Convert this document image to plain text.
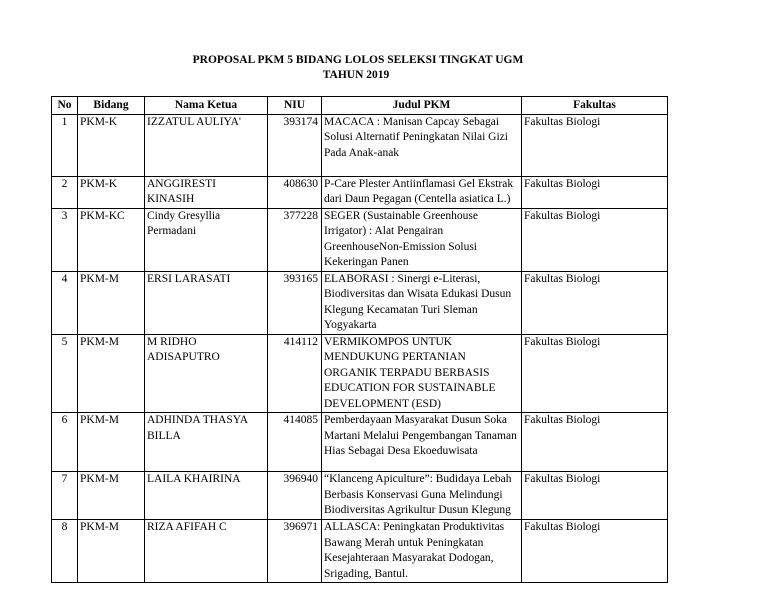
PROPOSAL PKM 5 BIDANG LOLOS SELEKSI TINGKAT UGM
TAHUN 2019
No	Bidang	Nama Ketua	NIU	Judul PKM	Fakultas
1	PKM-K	IZZATUL AULIYA'	393174	MACACA : Manisan Capcay Sebagai
Solusi Alternatif Peningkatan Nilai Gizi
Pada Anak-anak	Fakultas Biologi
2	PKM-K	ANGGIRESTI
KINASIH	408630	P-Care Plester Antiinflamasi Gel Ekstrak
dari Daun Pegagan (Centella asiatica L.)	Fakultas Biologi
3	PKM-KC	Cindy Gresyllia
Permadani	377228	SEGER (Sustainable Greenhouse
Irrigator) : Alat Pengairan
GreenhouseNon-Emission Solusi
Kekeringan Panen	Fakultas Biologi
4	PKM-M	ERSI LARASATI	393165	ELABORASI : Sinergi e-Literasi,
Biodiversitas dan Wisata Edukasi Dusun
Klegung Kecamatan Turi Sleman
Yogyakarta	Fakultas Biologi
5	PKM-M	M RIDHO
ADISAPUTRO	414112	VERMIKOMPOS UNTUK
MENDUKUNG PERTANIAN
ORGANIK TERPADU BERBASIS
EDUCATION FOR SUSTAINABLE
DEVELOPMENT (ESD)	Fakultas Biologi
6	PKM-M	ADHINDA THASYA
BILLA	414085	Pemberdayaan Masyarakat Dusun Soka
Martani Melalui Pengembangan Tanaman
Hias Sebagai Desa Ekoeduwisata	Fakultas Biologi
7	PKM-M	LAILA KHAIRINA	396940	“Klanceng Apiculture”: Budidaya Lebah
Berbasis Konservasi Guna Melindungi
Biodiversitas Agrikultur Dusun Klegung	Fakultas Biologi
8	PKM-M	RIZA AFIFAH C	396971	ALLASCA: Peningkatan Produktivitas
Bawang Merah untuk Peningkatan
Kesejahteraan Masyarakat Dodogan,
Srigading, Bantul.	Fakultas Biologi
